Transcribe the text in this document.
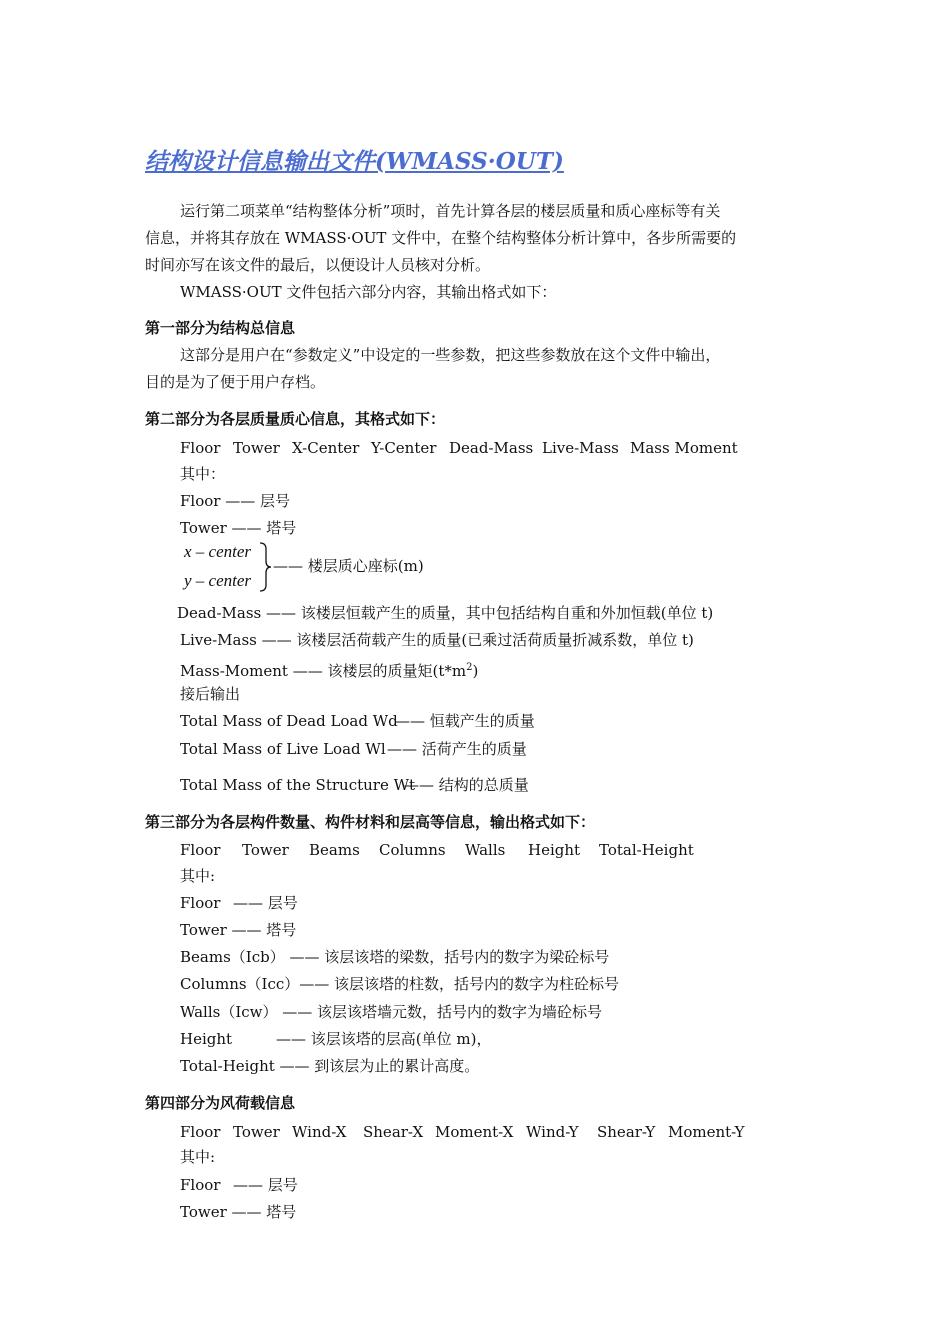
结构设计信息输出文件(WMASS·OUT)
运行第二项菜单“结构整体分析”项时，首先计算各层的楼层质量和质心座标等有关
信息，并将其存放在 WMASS·OUT 文件中，在整个结构整体分析计算中，各步所需要的
时间亦写在该文件的最后，以便设计人员核对分析。
WMASS·OUT 文件包括六部分内容，其输出格式如下：
第一部分为结构总信息
这部分是用户在“参数定义”中设定的一些参数，把这些参数放在这个文件中输出，
目的是为了便于用户存档。
第二部分为各层质量质心信息，其格式如下：
Floor Tower X-Center Y-Center Dead-Mass Live-Mass Mass Moment
其中：
Floor —— 层号
Tower —— 塔号
x – center
y – center
—— 楼层质心座标(m)
Dead-Mass —— 该楼层恒载产生的质量，其中包括结构自重和外加恒载(单位 t)
Live-Mass —— 该楼层活荷载产生的质量(已乘过活荷质量折减系数，单位 t)
Mass-Moment —— 该楼层的质量矩$(t*m^2)$
接后输出
Total Mass of Dead Load Wd
—— 恒载产生的质量
Total Mass of Live Load Wl —— 活荷产生的质量
Total Mass of the Structure Wt
—— 结构的总质量
第三部分为各层构件数量、构件材料和层高等信息，输出格式如下：
Floor Tower Beams Columns Walls Height Total-Height
其中:
Floor —— 层号
Tower —— 塔号
Beams（Icb） —— 该层该塔的梁数，括号内的数字为梁砼标号
Columns（Icc）—— 该层该塔的柱数，括号内的数字为柱砼标号
Walls（Icw） —— 该层该塔墙元数，括号内的数字为墙砼标号
Height	—— 该层该塔的层高(单位 m)，
Total-Height —— 到该层为止的累计高度。
第四部分为风荷载信息
Floor Tower Wind-X Shear-X Moment-X Wind-Y Shear-Y Moment-Y
其中:
Floor —— 层号
Tower —— 塔号
